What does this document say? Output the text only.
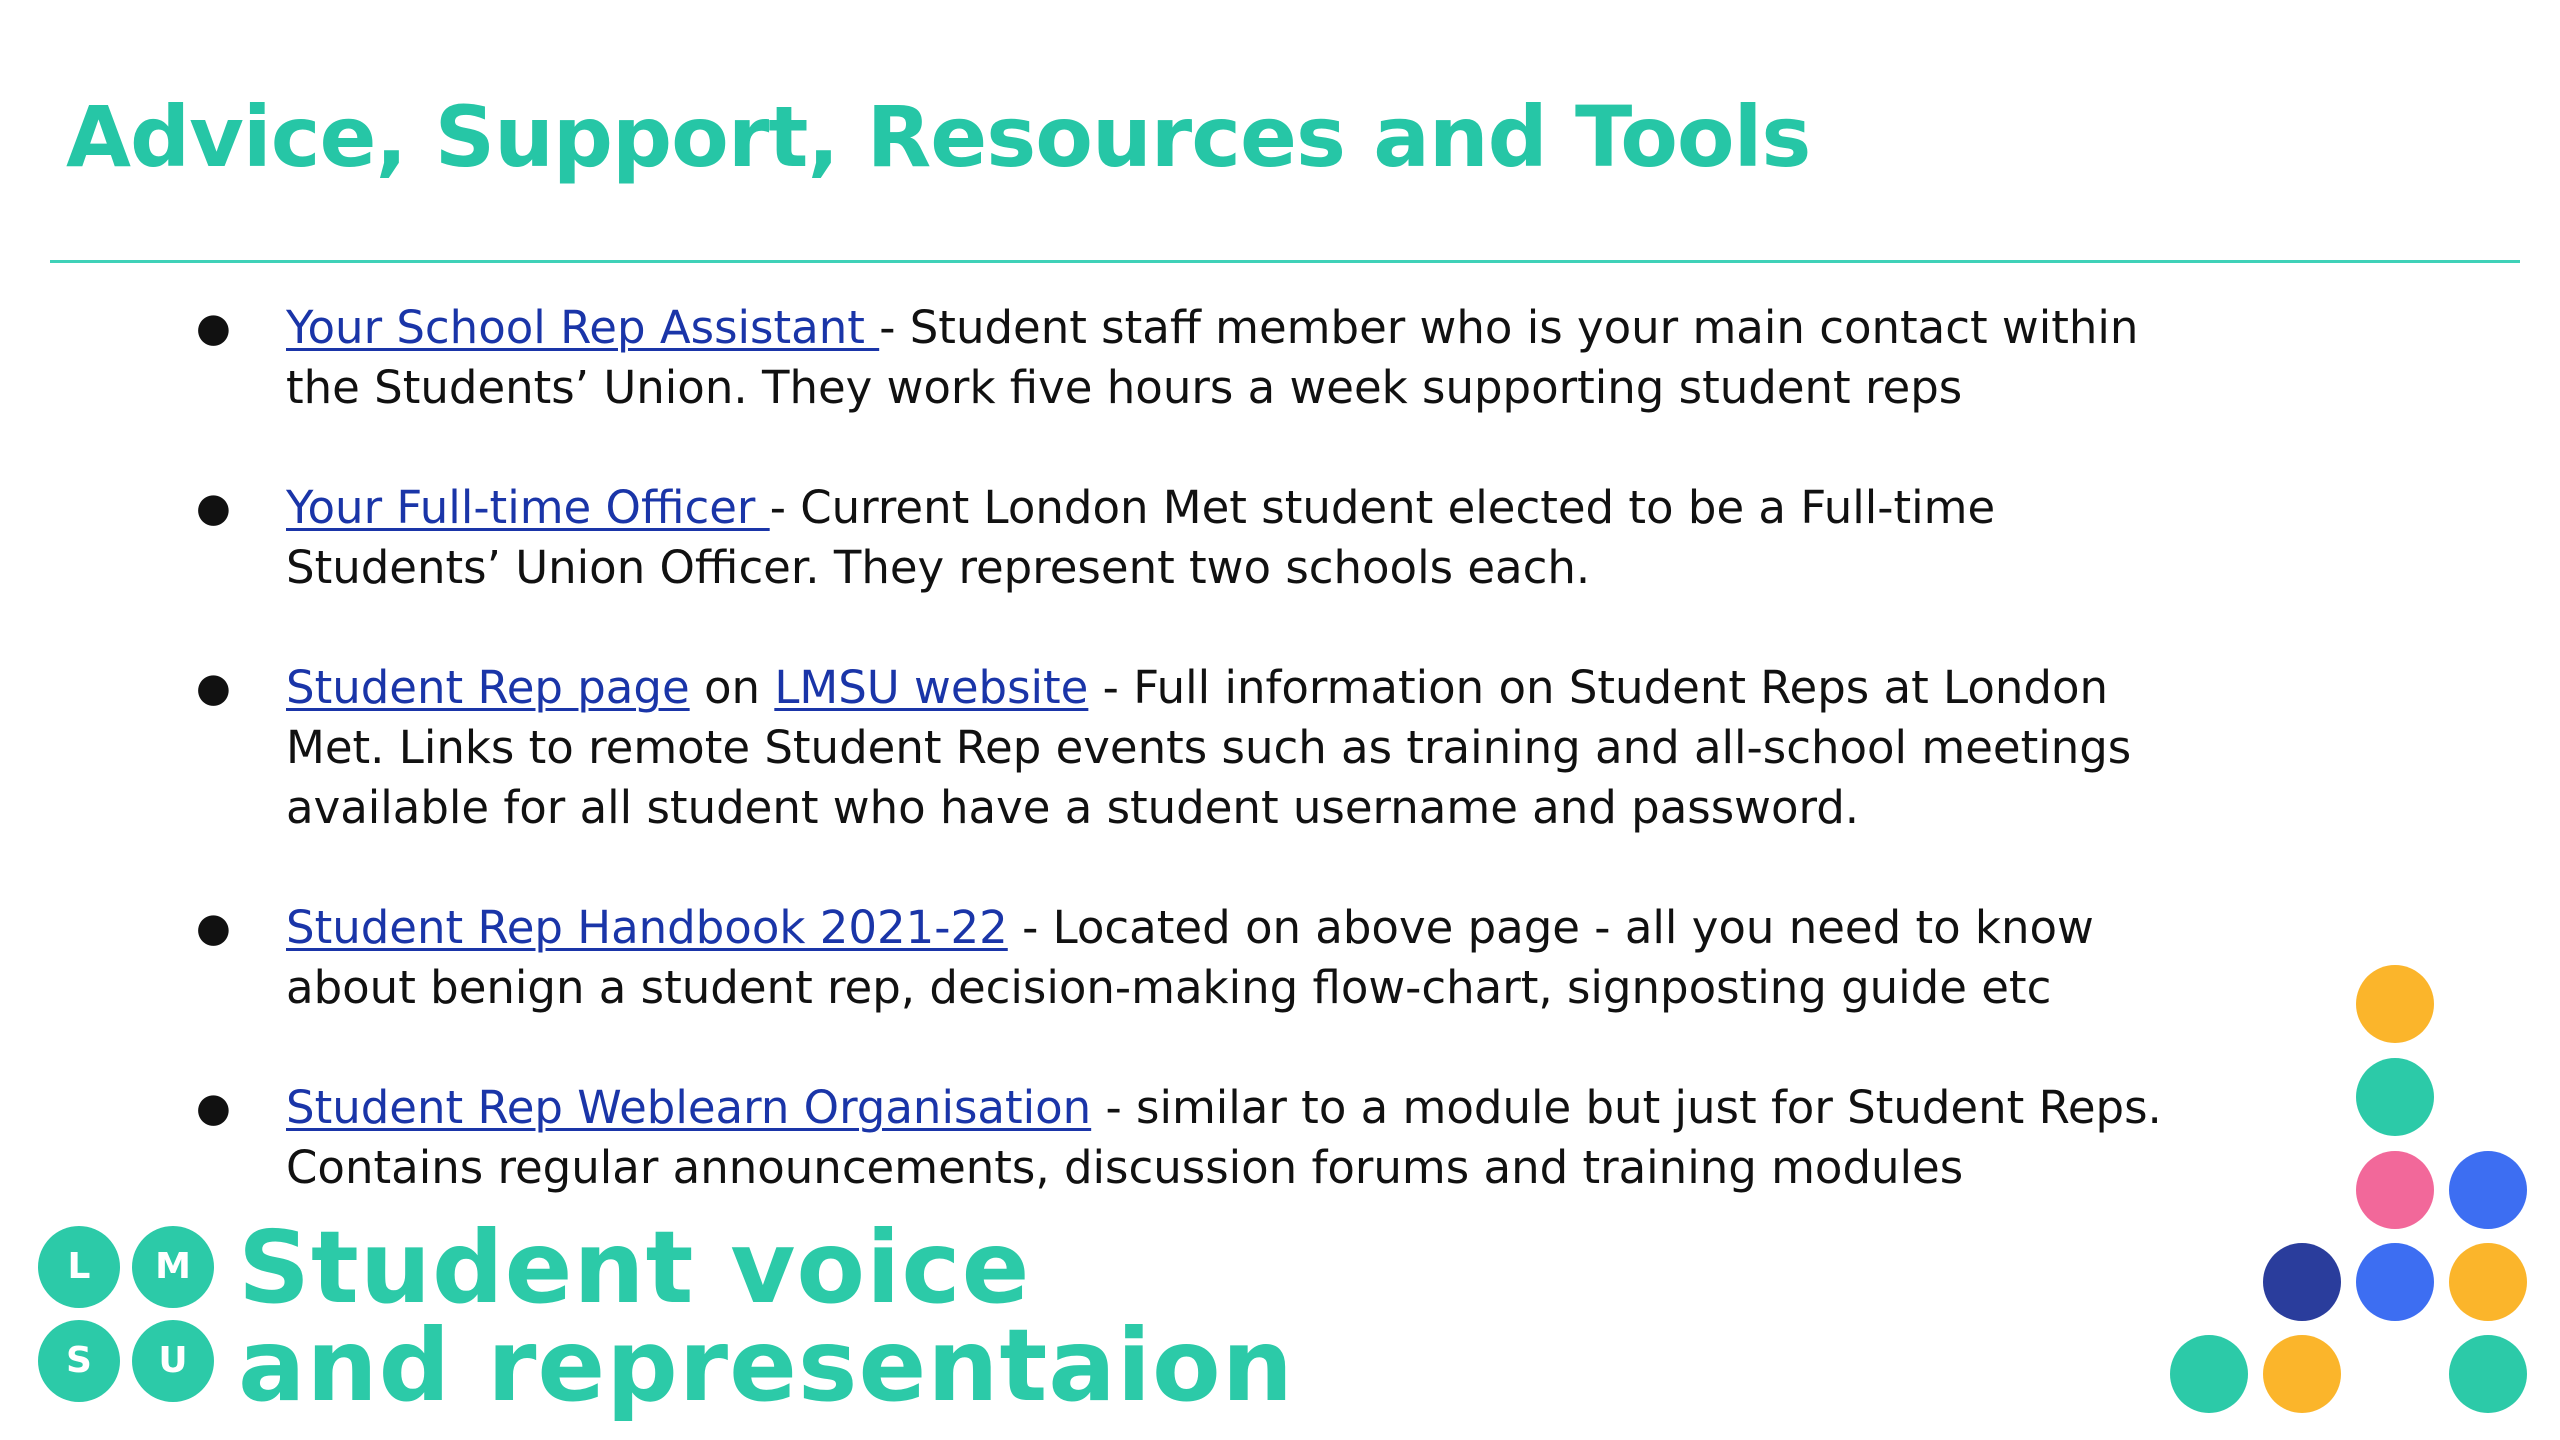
Advice, Support, Resources and Tools
● Your School Rep Assistant - Student staff member who is your main contact within the Students’ Union. They work five hours a week supporting student reps
● Your Full-time Officer - Current London Met student elected to be a Full-time Students’ Union Officer. They represent two schools each.
● Student Rep page on LMSU website - Full information on Student Reps at London Met. Links to remote Student Rep events such as training and all-school meetings available for all student who have a student username and password.
● Student Rep Handbook 2021-22 - Located on above page - all you need to know about benign a student rep, decision-making flow-chart, signposting guide etc
● Student Rep Weblearn Organisation - similar to a module but just for Student Reps. Contains regular announcements, discussion forums and training modules
L	M
S	U

Student voice
and representaion
